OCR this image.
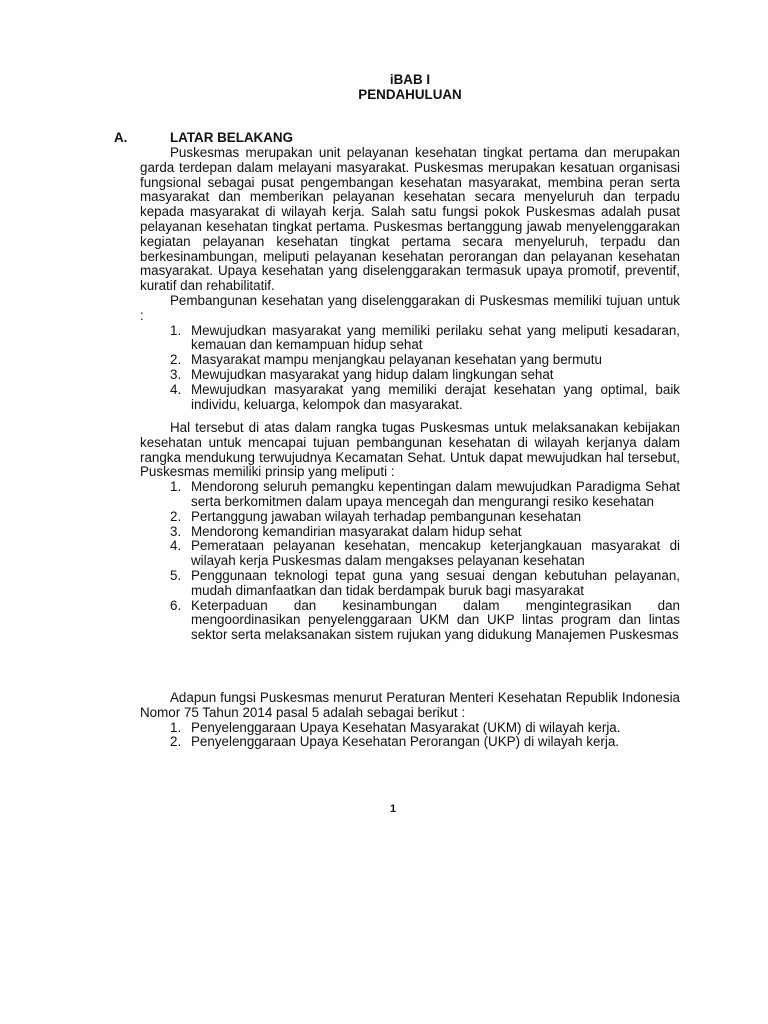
iBAB I
PENDAHULUAN
A.	LATAR BELAKANG

Puskesmas merupakan unit pelayanan kesehatan tingkat pertama dan merupakan garda terdepan dalam melayani masyarakat. Puskesmas merupakan kesatuan organisasi fungsional sebagai pusat pengembangan kesehatan masyarakat, membina peran serta masyarakat dan memberikan pelayanan kesehatan secara menyeluruh dan terpadu kepada masyarakat di wilayah kerja. Salah satu fungsi pokok Puskesmas adalah pusat pelayanan kesehatan tingkat pertama. Puskesmas bertanggung jawab menyelenggarakan kegiatan pelayanan kesehatan tingkat pertama secara menyeluruh, terpadu dan berkesinambungan, meliputi pelayanan kesehatan perorangan dan pelayanan kesehatan masyarakat. Upaya kesehatan yang diselenggarakan termasuk upaya promotif, preventif, kuratif dan rehabilitatif.

Pembangunan kesehatan yang diselenggarakan di Puskesmas memiliki tujuan untuk :

1. Mewujudkan masyarakat yang memiliki perilaku sehat yang meliputi kesadaran, kemauan dan kemampuan hidup sehat
2. Masyarakat mampu menjangkau pelayanan kesehatan yang bermutu
3. Mewujudkan masyarakat yang hidup dalam lingkungan sehat
4. Mewujudkan masyarakat yang memiliki derajat kesehatan yang optimal, baik individu, keluarga, kelompok dan masyarakat.

Hal tersebut di atas dalam rangka tugas Puskesmas untuk melaksanakan kebijakan kesehatan untuk mencapai tujuan pembangunan kesehatan di wilayah kerjanya dalam rangka mendukung terwujudnya Kecamatan Sehat. Untuk dapat mewujudkan hal tersebut, Puskesmas memiliki prinsip yang meliputi :

1. Mendorong seluruh pemangku kepentingan dalam mewujudkan Paradigma Sehat serta berkomitmen dalam upaya mencegah dan mengurangi resiko kesehatan
2. Pertanggung jawaban wilayah terhadap pembangunan kesehatan
3. Mendorong kemandirian masyarakat dalam hidup sehat
4. Pemerataan pelayanan kesehatan, mencakup keterjangkauan masyarakat di wilayah kerja Puskesmas dalam mengakses pelayanan kesehatan
5. Penggunaan teknologi tepat guna yang sesuai dengan kebutuhan pelayanan, mudah dimanfaatkan dan tidak berdampak buruk bagi masyarakat
6. Keterpaduan dan kesinambungan dalam mengintegrasikan dan mengoordinasikan penyelenggaraan UKM dan UKP lintas program dan lintas sektor serta melaksanakan sistem rujukan yang didukung Manajemen Puskesmas

Adapun fungsi Puskesmas menurut Peraturan Menteri Kesehatan Republik Indonesia Nomor 75 Tahun 2014 pasal 5 adalah sebagai berikut :

1. Penyelenggaraan Upaya Kesehatan Masyarakat (UKM) di wilayah kerja.
2. Penyelenggaraan Upaya Kesehatan Perorangan (UKP) di wilayah kerja.
1
